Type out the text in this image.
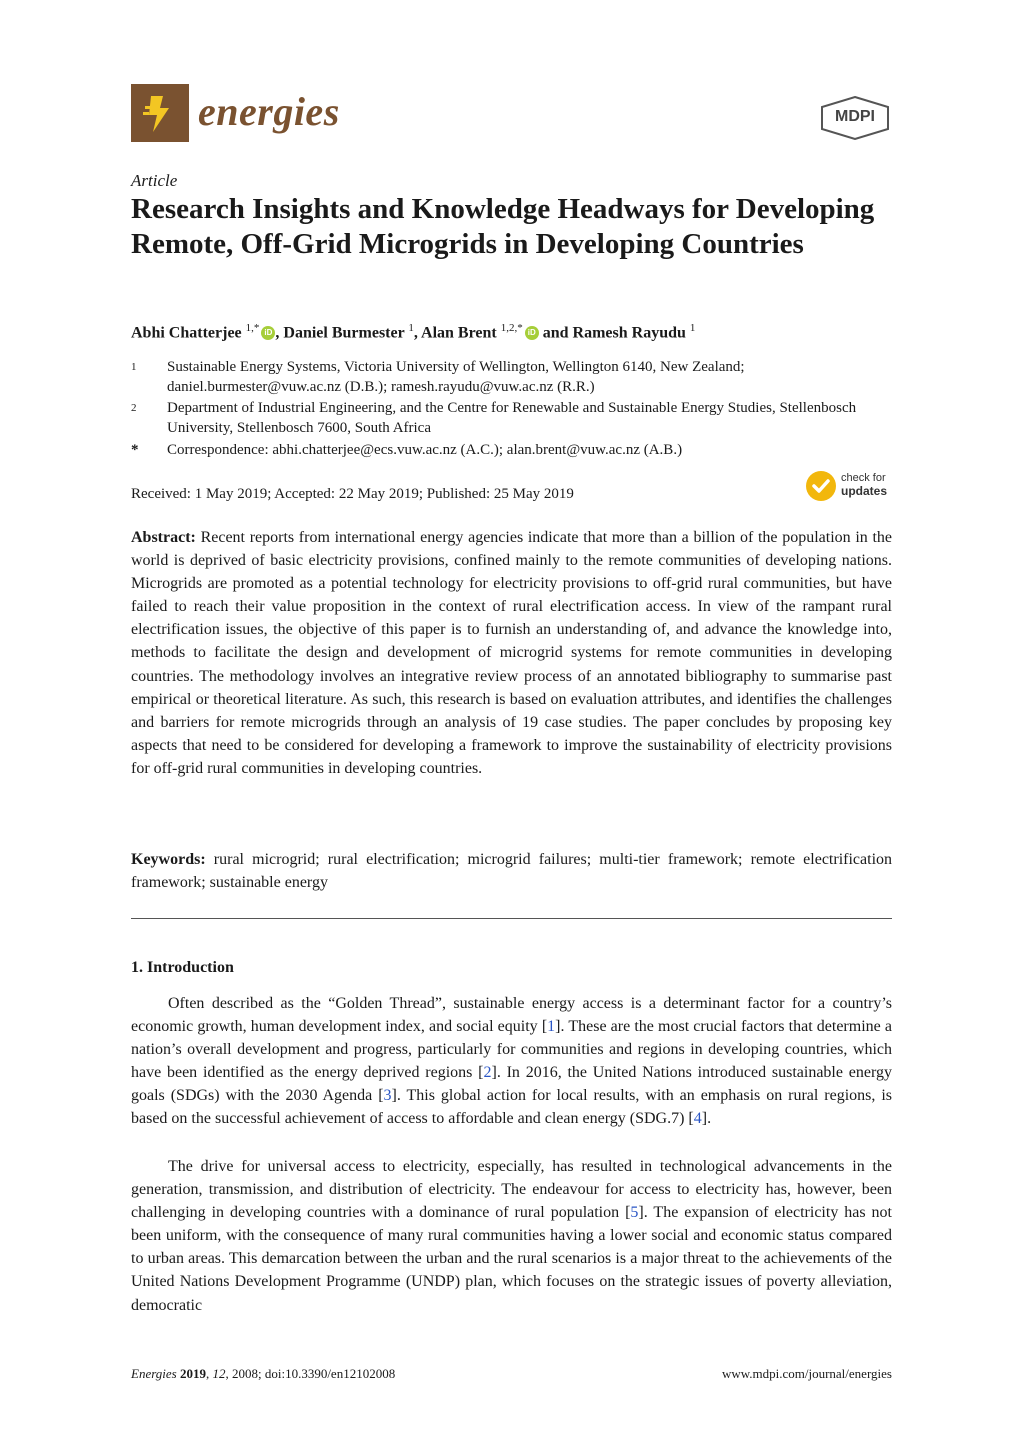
energies	MDPI
Article
Research Insights and Knowledge Headways for Developing Remote, Off-Grid Microgrids in Developing Countries
Abhi Chatterjee $^{1,*}$ iD , Daniel Burmester $^1$, Alan Brent $^{1,2,*}$ iD and Ramesh Rayudu $^1$
1 Sustainable Energy Systems, Victoria University of Wellington, Wellington 6140, New Zealand; daniel.burmester@vuw.ac.nz (D.B.); ramesh.rayudu@vuw.ac.nz (R.R.)
2 Department of Industrial Engineering, and the Centre for Renewable and Sustainable Energy Studies, Stellenbosch University, Stellenbosch 7600, South Africa
* Correspondence: abhi.chatterjee@ecs.vuw.ac.nz (A.C.); alan.brent@vuw.ac.nz (A.B.)
Received: 1 May 2019; Accepted: 22 May 2019; Published: 25 May 2019
check for
updates
Abstract: Recent reports from international energy agencies indicate that more than a billion of the population in the world is deprived of basic electricity provisions, confined mainly to the remote communities of developing nations. Microgrids are promoted as a potential technology for electricity provisions to off-grid rural communities, but have failed to reach their value proposition in the context of rural electrification access. In view of the rampant rural electrification issues, the objective of this paper is to furnish an understanding of, and advance the knowledge into, methods to facilitate the design and development of microgrid systems for remote communities in developing countries. The methodology involves an integrative review process of an annotated bibliography to summarise past empirical or theoretical literature. As such, this research is based on evaluation attributes, and identifies the challenges and barriers for remote microgrids through an analysis of 19 case studies. The paper concludes by proposing key aspects that need to be considered for developing a framework to improve the sustainability of electricity provisions for off-grid rural communities in developing countries.
Keywords: rural microgrid; rural electrification; microgrid failures; multi-tier framework; remote electrification framework; sustainable energy
1. Introduction
Often described as the “Golden Thread”, sustainable energy access is a determinant factor for a country’s economic growth, human development index, and social equity [1]. These are the most crucial factors that determine a nation’s overall development and progress, particularly for communities and regions in developing countries, which have been identified as the energy deprived regions [2]. In 2016, the United Nations introduced sustainable energy goals (SDGs) with the 2030 Agenda [3]. This global action for local results, with an emphasis on rural regions, is based on the successful achievement of access to affordable and clean energy (SDG.7) [4].
The drive for universal access to electricity, especially, has resulted in technological advancements in the generation, transmission, and distribution of electricity. The endeavour for access to electricity has, however, been challenging in developing countries with a dominance of rural population [5]. The expansion of electricity has not been uniform, with the consequence of many rural communities having a lower social and economic status compared to urban areas. This demarcation between the urban and the rural scenarios is a major threat to the achievements of the United Nations Development Programme (UNDP) plan, which focuses on the strategic issues of poverty alleviation, democratic
Energies 2019, 12, 2008; doi:10.3390/en12102008	www.mdpi.com/journal/energies
